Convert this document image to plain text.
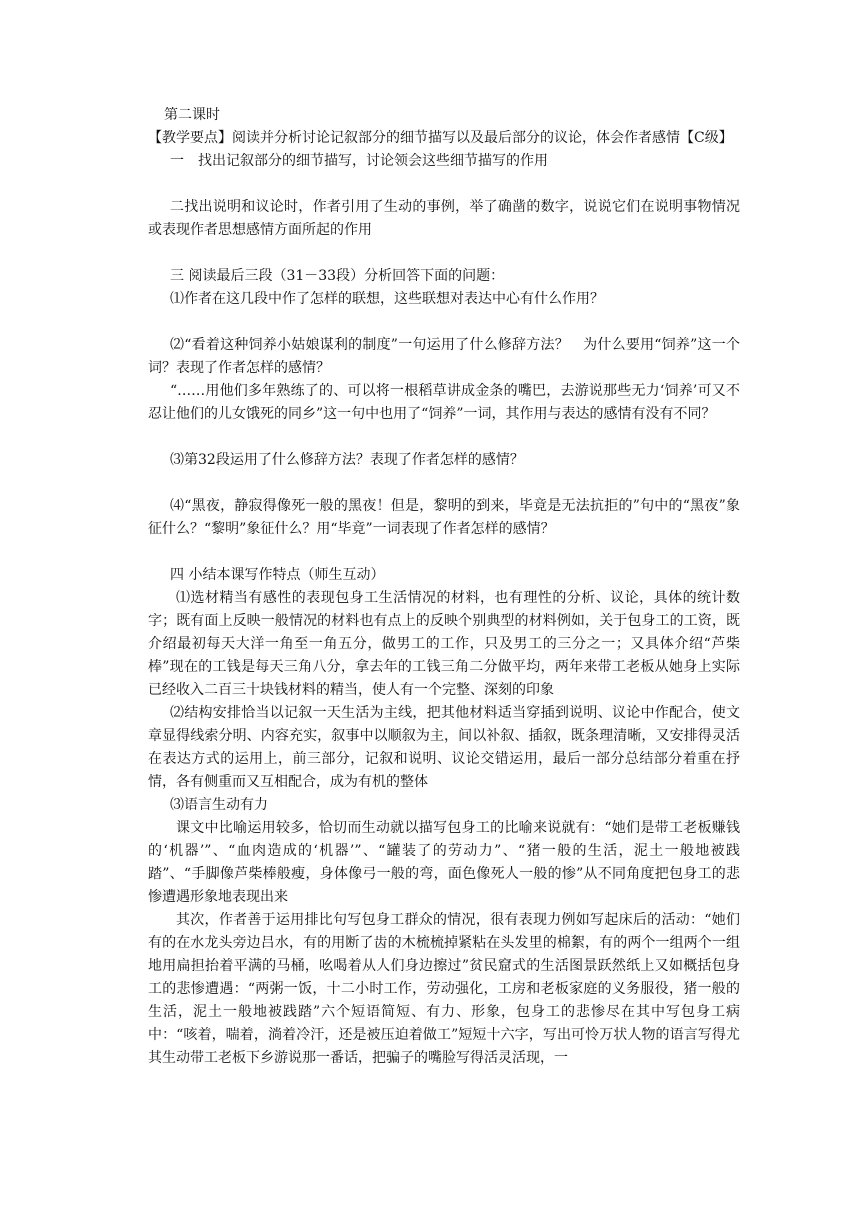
第二课时

【教学要点】阅读并分析讨论记叙部分的细节描写以及最后部分的议论，体会作者感情【C级】

一　找出记叙部分的细节描写，讨论领会这些细节描写的作用

二找出说明和议论时，作者引用了生动的事例，举了确凿的数字，说说它们在说明事物情况或表现作者思想感情方面所起的作用

三 阅读最后三段（31－33段）分析回答下面的问题：

⑴作者在这几段中作了怎样的联想，这些联想对表达中心有什么作用？

⑵“看着这种饲养小姑娘谋利的制度”一句运用了什么修辞方法？　为什么要用“饲养”这一个词？表现了作者怎样的感情？

“……用他们多年熟练了的、可以将一根稻草讲成金条的嘴巴，去游说那些无力‘饲养’可又不忍让他们的儿女饿死的同乡”这一句中也用了“饲养”一词，其作用与表达的感情有没有不同？

⑶第32段运用了什么修辞方法？表现了作者怎样的感情？

⑷“黑夜，静寂得像死一般的黑夜！但是，黎明的到来，毕竟是无法抗拒的”句中的“黑夜”象征什么？“黎明”象征什么？用“毕竟”一词表现了作者怎样的感情？

四 小结本课写作特点（师生互动）

⑴选材精当有感性的表现包身工生活情况的材料，也有理性的分析、议论，具体的统计数字；既有面上反映一般情况的材料也有点上的反映个别典型的材料例如，关于包身工的工资，既介绍最初每天大洋一角至一角五分，做男工的工作，只及男工的三分之一；又具体介绍“芦柴棒”现在的工钱是每天三角八分，拿去年的工钱三角二分做平均，两年来带工老板从她身上实际已经收入二百三十块钱材料的精当，使人有一个完整、深刻的印象

⑵结构安排恰当以记叙一天生活为主线，把其他材料适当穿插到说明、议论中作配合，使文章显得线索分明、内容充实，叙事中以顺叙为主，间以补叙、插叙，既条理清晰，又安排得灵活在表达方式的运用上，前三部分，记叙和说明、议论交错运用，最后一部分总结部分着重在抒情，各有侧重而又互相配合，成为有机的整体

⑶语言生动有力

课文中比喻运用较多，恰切而生动就以描写包身工的比喻来说就有：“她们是带工老板赚钱的‘机器’”、“血肉造成的‘机器’”、“罐装了的劳动力”、“猪一般的生活，泥土一般地被践踏”、“手脚像芦柴棒般瘦，身体像弓一般的弯，面色像死人一般的惨”从不同角度把包身工的悲惨遭遇形象地表现出来

其次，作者善于运用排比句写包身工群众的情况，很有表现力例如写起床后的活动：“她们有的在水龙头旁边吕水，有的用断了齿的木梳梳掉紧粘在头发里的棉絮，有的两个一组两个一组地用扁担抬着平满的马桶，吆喝着从人们身边擦过”贫民窟式的生活图景跃然纸上又如概括包身工的悲惨遭遇：“两粥一饭，十二小时工作，劳动强化，工房和老板家庭的义务服役，猪一般的生活，泥土一般地被践踏”六个短语简短、有力、形象，包身工的悲惨尽在其中写包身工病中：“咳着，喘着，淌着冷汗，还是被压迫着做工”短短十六字，写出可怜万状人物的语言写得尤其生动带工老板下乡游说那一番话，把骗子的嘴脸写得活灵活现，一
